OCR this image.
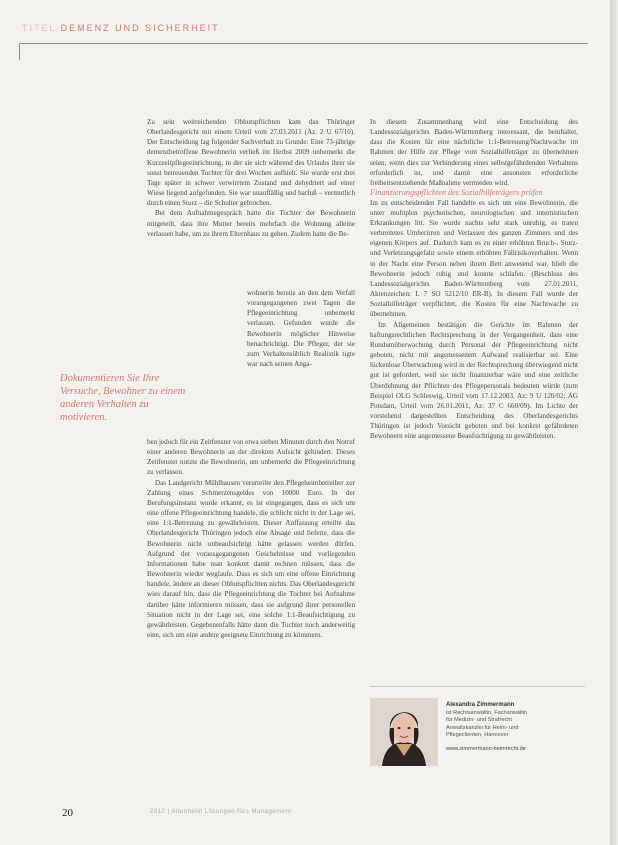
TITEL DEMENZ UND SICHERHEIT

Zu sein weitreichenden Obhutspflichten kam das Thüringer Oberlandesgericht mit einem Urteil vom 27.03.2011 (Az. 2 U 67/10). Der Entscheidung lag folgender Sachverhalt zu Grunde: Eine 73-jährige demenzbetroffene Bewohnerin verließ im Herbst 2009 unbemerkt die Kurzzeitpflegeeinrichtung, in der sie sich während des Urlaubs ihrer sie sonst betreuenden Tochter für drei Wochen aufhielt. Sie wurde erst drei Tage später in schwer verwirrtem Zustand und dehydriert auf einer Wiese liegend aufgefunden. Sie war unauffällig und barfuß – vermutlich durch einen Sturz – die Schulter gebrochen.

Bei dem Aufnahmegespräch hatte die Tochter der Bewohnerin mitgeteilt, dass ihre Mutter bereits mehrfach die Wohnung alleine verlassen habe, um zu ihrem Elternhaus zu gehen. Zudem hatte die Be-

wohnerin bereits an den dem Verfall vorangegangenen zwei Tagen die Pflegeeinrichtung unbemerkt verlassen. Gefunden wurde die Bewohnerin möglicher Hinweise benachrichtigt. Die Pfleger, der sie zum Verhaltensüblich Realistik tigte war nach seinen Anga-

Dokumentieren Sie Ihre Versuche, Bewohner zu einem anderen Verhalten zu motivieren.

ben jedoch für ein Zeitfenster von etwa sieben Minuten durch den Notruf einer anderen Bewohnerin an der direkten Aufsicht gehindert. Dieses Zeitfenster nutzte die Bewohnerin, um unbemerkt die Pflegeeinrichtung zu verlassen.

Das Landgericht Mühlhausen verurteilte den Pflegeheimbetreiber zur Zahlung eines Schmerzensgeldes von 10000 Euro. In der Berufungsinstanz wurde erkannt, es ist eingegangen, dass es sich um eine offene Pflegeeinrichtung handele, die schlicht nicht in der Lage sei, eine 1:1-Betreuung zu gewährleisten. Dieser Auffassung erteilte das Oberlandesgericht Thüringen jedoch eine Absage und lieferte, dass die Bewohnerin nicht unbeaufsichtigt hätte gelassen werden dürfen. Aufgrund der vorausgegangenen Geschehnisse und vorliegenden Informationen habe man konkret damit rechnen müssen, dass die Bewohnerin wieder weglaufe. Dass es sich um eine offene Einrichtung handele, ändere an dieser Obhutspflichten nichts. Das Oberlandesgericht wies darauf hin, dass die Pflegeeinrichtung die Tochter bei Aufnahme darüber hätte informieren müssen, dass sie aufgrund ihrer personellen Situation nicht in der Lage sei, eine solche 1:1-Beaufsichtigung zu gewährleisten. Gegebenenfalls hätte dann die Tochter noch anderweitig eine, sich um eine andere geeignete Einrichtung zu kümmern.

In diesem Zusammenhang wird eine Entscheidung des Landessozialgerichts Baden-Württemberg interessant, die beinhaltet, dass die Kosten für eine nächtliche 1:1-Betreuung/Nachtwache im Rahmen der Hilfe zur Pflege vom Sozialhilfeträger zu übernehmen seien, wenn dies zur Verhinderung eines selbstgefährdenden Verhaltens erforderlich ist, und damit eine ansonsten erforderliche freiheitsentziehende Maßnahme vermieden wird.

Finanzierungspflichten des Sozialhilfeträgers prüfen

Im zu entscheidenden Fall handelte es sich um eine Bewohnerin, die unter multiplen psychotischen, neurologischen und internistischen Erkrankungen litt. Sie wurde nachts sehr stark unruhig, es traten verbreitetes Umherirren und Verlassen des ganzen Zimmers und des eigenen Körpers auf. Dadurch kam es zu einer erhöhten Bruch-, Sturz- und Verletzungsgefahr sowie einem erhöhten Fallrisikoverhalten. Wenn in der Nacht eine Person neben ihrem Bett anwesend war, blieb die Bewohnerin jedoch ruhig und konnte schlafen. (Beschluss des Landessozialgerichts Baden-Württemberg vom 27.01.2011, Aktenzeichen: L 7 SO 5212/10 ER-B). In diesem Fall wurde der Sozialhilfeträger verpflichtet, die Kosten für eine Nachtwache zu übernehmen.

Im Allgemeinen bestätigen die Gerichte im Rahmen der haftungsrechtlichen Rechtsprechung in der Vergangenheit, dass eine Rundumüberwachung durch Personal der Pflegeeinrichtung nicht geboten, nicht mit angemessenem Aufwand realisierbar sei. Eine lückenlose Überwachung wird in der Rechtsprechung überwiegend nicht gut ist gefordert, weil sie nicht finanzierbar wäre und eine zeitliche Überdehnung der Pflichten des Pflegepersonals bedeuten würde (zum Beispiel OLG Schleswig, Urteil vom 17.12.2003, Az: 9 U 120/02; AG Potsdam, Urteil vom 26.01.2011, Az: 37 C 660/09). Im Lichte der vorstehend dargestellten Entscheidung des Oberlandesgerichts Thüringen ist jedoch Vorsicht geboten und bei konkret gefährdeten Bewohnern eine angemessene Beaufsichtigung zu gewährleisten.

Alexandra Zimmermann
ist Rechtsanwältin, Fachanwältin
für Medizin- und Strafrecht
Anwaltskanzlei für Heim- und
Pflegeclienten, Hannover
www.zimmermann-heimrecht.de
20	2012 | Altenheim Lösungen fürs Management
